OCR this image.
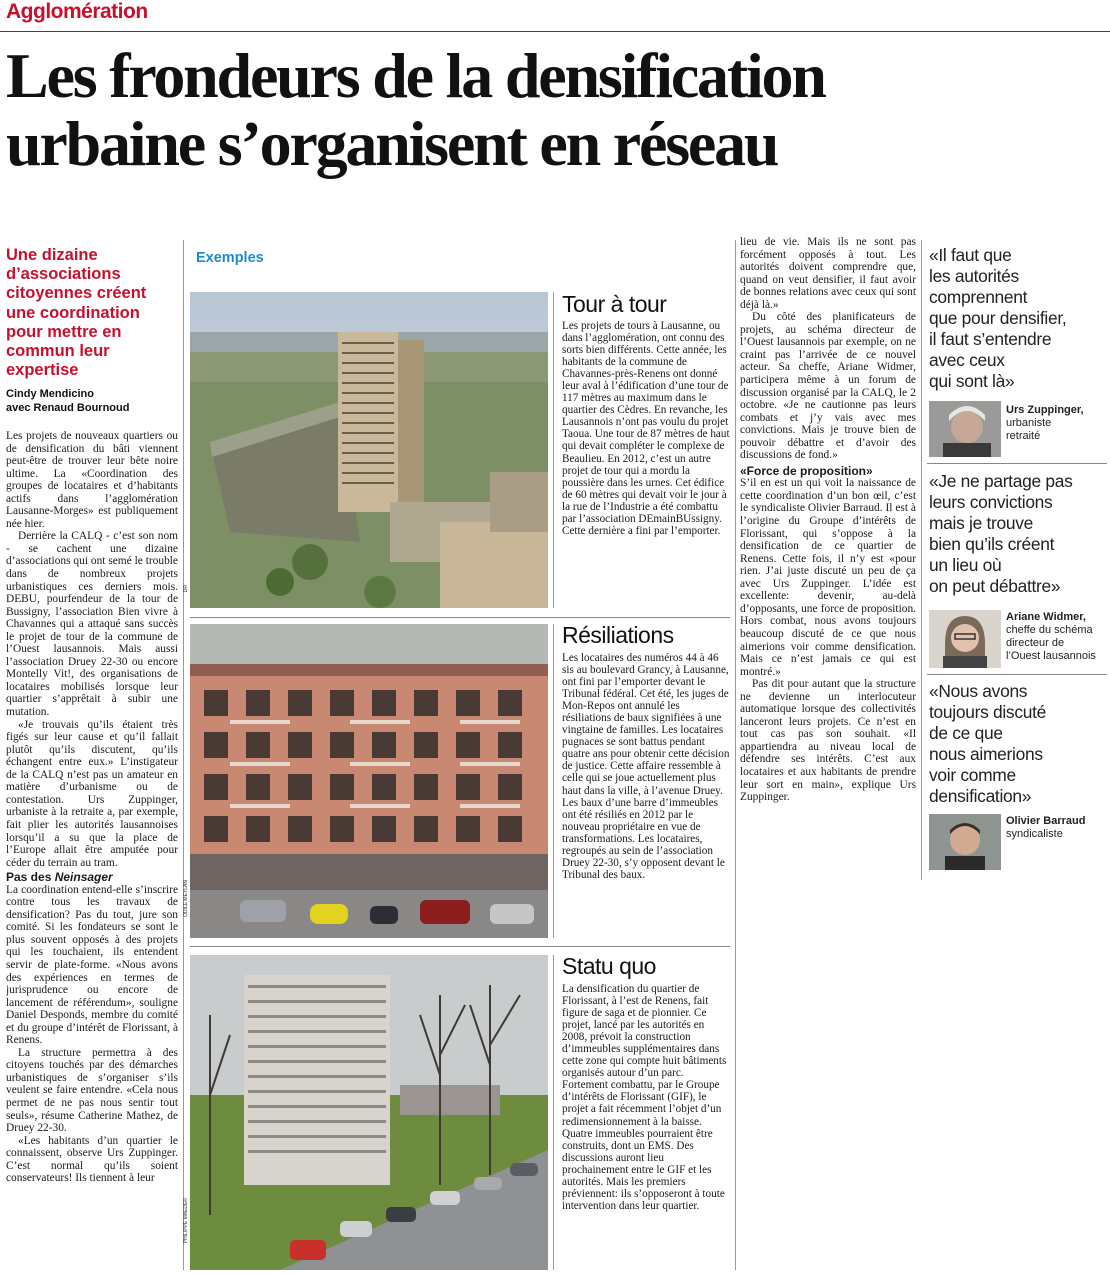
Agglomération
Les frondeurs de la densification
urbaine s’organisent en réseau
Une dizaine d’associations citoyennes créent une coordination pour mettre en commun leur expertise
Cindy Mendicino
avec Renaud Bournoud

Les projets de nouveaux quartiers ou de densification du bâti viennent peut-être de trouver leur bête noire ultime. La «Coordination des groupes de locataires et d’habitants actifs dans l’agglomération Lausanne-Morges» est publiquement née hier.

Derrière la CALQ - c’est son nom - se cachent une dizaine d’associations qui ont semé le trouble dans de nombreux projets urbanistiques ces derniers mois. DEBU, pourfendeur de la tour de Bussigny, l’association Bien vivre à Chavannes qui a attaqué sans succès le projet de tour de la commune de l’Ouest lausannois. Mais aussi l’association Druey 22-30 ou encore Montelly Vit!, des organisations de locataires mobilisés lorsque leur quartier s’apprêtait à subir une mutation.

«Je trouvais qu’ils étaient très figés sur leur cause et qu’il fallait plutôt qu’ils discutent, qu’ils échangent entre eux.» L’instigateur de la CALQ n’est pas un amateur en matière d’urbanisme ou de contestation. Urs Zuppinger, urbaniste à la retraite a, par exemple, fait plier les autorités lausannoises lorsqu’il a su que la place de l’Europe allait être amputée pour céder du terrain au tram.

Pas des Neinsager

La coordination entend-elle s’inscrire contre tous les travaux de densification? Pas du tout, jure son comité. Si les fondateurs se sont le plus souvent opposés à des projets qui les touchaient, ils entendent servir de plate-forme. «Nous avons des expériences en termes de jurisprudence ou encore de lancement de référendum», souligne Daniel Desponds, membre du comité et du groupe d’intérêt de Florissant, à Renens.

La structure permettra à des citoyens touchés par des démarches urbanistiques de s’organiser s’ils veulent se faire entendre. «Cela nous permet de ne pas nous sentir tout seuls», résume Catherine Mathez, de Druey 22-30.

«Les habitants d’un quartier le connaissent, observe Urs Zuppinger. C’est normal qu’ils soient conservateurs! Ils tiennent à leur

Exemples
DR
Tour à tour

Les projets de tours à Lausanne, ou dans l’agglomération, ont connu des sorts bien différents. Cette année, les habitants de la commune de Chavannes-près-Renens ont donné leur aval à l’édification d’une tour de 117 mètres au maximum dans le quartier des Cèdres. En revanche, les Lausannois n’ont pas voulu du projet Taoua. Une tour de 87 mètres de haut qui devait compléter le complexe de Beaulieu. En 2012, c’est un autre projet de tour qui a mordu la poussière dans les urnes. Cet édifice de 60 mètres qui devait voir le jour à la rue de l’Industrie a été combattu par l’association DEmainBUssigny. Cette dernière a fini par l’emporter.

ODILE MEYLAN
Résiliations

Les locataires des numéros 44 à 46 sis au boulevard Grancy, à Lausanne, ont fini par l’emporter devant le Tribunal fédéral. Cet été, les juges de Mon-Repos ont annulé les résiliations de baux signifiées à une vingtaine de familles. Les locataires pugnaces se sont battus pendant quatre ans pour obtenir cette décision de justice. Cette affaire ressemble à celle qui se joue actuellement plus haut dans la ville, à l’avenue Druey. Les baux d’une barre d’immeubles ont été résiliés en 2012 par le nouveau propriétaire en vue de transformations. Les locataires, regroupés au sein de l’association Druey 22-30, s’y opposent devant le Tribunal des baux.

PHILIPPE MAEDER
Statu quo

La densification du quartier de Florissant, à l’est de Renens, fait figure de saga et de pionnier. Ce projet, lancé par les autorités en 2008, prévoit la construction d’immeubles supplémentaires dans cette zone qui compte huit bâtiments organisés autour d’un parc. Fortement combattu, par le Groupe d’intérêts de Florissant (GIF), le projet a fait récemment l’objet d’un redimensionnement à la baisse. Quatre immeubles pourraient être construits, dont un EMS. Des discussions auront lieu prochainement entre le GIF et les autorités. Mais les premiers préviennent: ils s’opposeront à toute intervention dans leur quartier.

lieu de vie. Mais ils ne sont pas forcément opposés à tout. Les autorités doivent comprendre que, quand on veut densifier, il faut avoir de bonnes relations avec ceux qui sont déjà là.»

Du côté des planificateurs de projets, au schéma directeur de l’Ouest lausannois par exemple, on ne craint pas l’arrivée de ce nouvel acteur. Sa cheffe, Ariane Widmer, participera même à un forum de discussion organisé par la CALQ, le 2 octobre. «Je ne cautionne pas leurs combats et j’y vais avec mes convictions. Mais je trouve bien de pouvoir débattre et d’avoir des discussions de fond.»

«Force de proposition»

S’il en est un qui voit la naissance de cette coordination d’un bon œil, c’est le syndicaliste Olivier Barraud. Il est à l’origine du Groupe d’intérêts de Florissant, qui s’oppose à la densification de ce quartier de Renens. Cette fois, il n’y est «pour rien. J’ai juste discuté un peu de ça avec Urs Zuppinger. L’idée est excellente: devenir, au-delà d’opposants, une force de proposition. Hors combat, nous avons toujours beaucoup discuté de ce que nous aimerions voir comme densification. Mais ce n’est jamais ce qui est montré.»

Pas dit pour autant que la structure ne devienne un interlocuteur automatique lorsque des collectivités lanceront leurs projets. Ce n’est en tout cas pas son souhait. «Il appartiendra au niveau local de défendre ses intérêts. C’est aux locataires et aux habitants de prendre leur sort en main», explique Urs Zuppinger.

«Il faut que
les autorités
comprennent
que pour densifier,
il faut s’entendre
avec ceux
qui sont là»
Urs Zuppinger,
urbaniste
retraité
«Je ne partage pas
leurs convictions
mais je trouve
bien qu’ils créent
un lieu où
on peut débattre»
Ariane Widmer,
cheffe du schéma
directeur de
l’Ouest lausannois
«Nous avons
toujours discuté
de ce que
nous aimerions
voir comme
densification»
Olivier Barraud
syndicaliste
